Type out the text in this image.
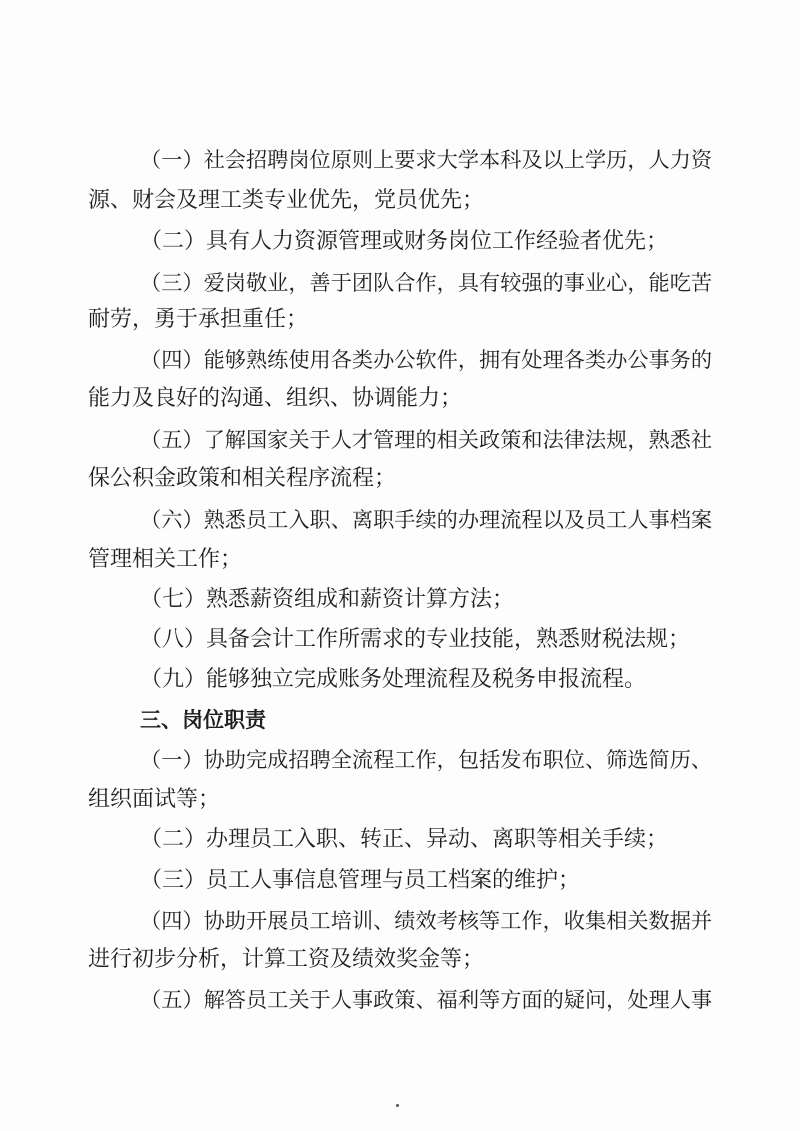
（一）社会招聘岗位原则上要求大学本科及以上学历，人力资
源、财会及理工类专业优先，党员优先；
（二）具有人力资源管理或财务岗位工作经验者优先；
（三）爱岗敬业，善于团队合作，具有较强的事业心，能吃苦
耐劳，勇于承担重任；
（四）能够熟练使用各类办公软件，拥有处理各类办公事务的
能力及良好的沟通、组织、协调能力；
（五）了解国家关于人才管理的相关政策和法律法规，熟悉社
保公积金政策和相关程序流程；
（六）熟悉员工入职、离职手续的办理流程以及员工人事档案
管理相关工作；
（七）熟悉薪资组成和薪资计算方法；
（八）具备会计工作所需求的专业技能，熟悉财税法规；
（九）能够独立完成账务处理流程及税务申报流程。
三、岗位职责
（一）协助完成招聘全流程工作，包括发布职位、筛选简历、
组织面试等；
（二）办理员工入职、转正、异动、离职等相关手续；
（三）员工人事信息管理与员工档案的维护；
（四）协助开展员工培训、绩效考核等工作，收集相关数据并
进行初步分析，计算工资及绩效奖金等；
（五）解答员工关于人事政策、福利等方面的疑问，处理人事
